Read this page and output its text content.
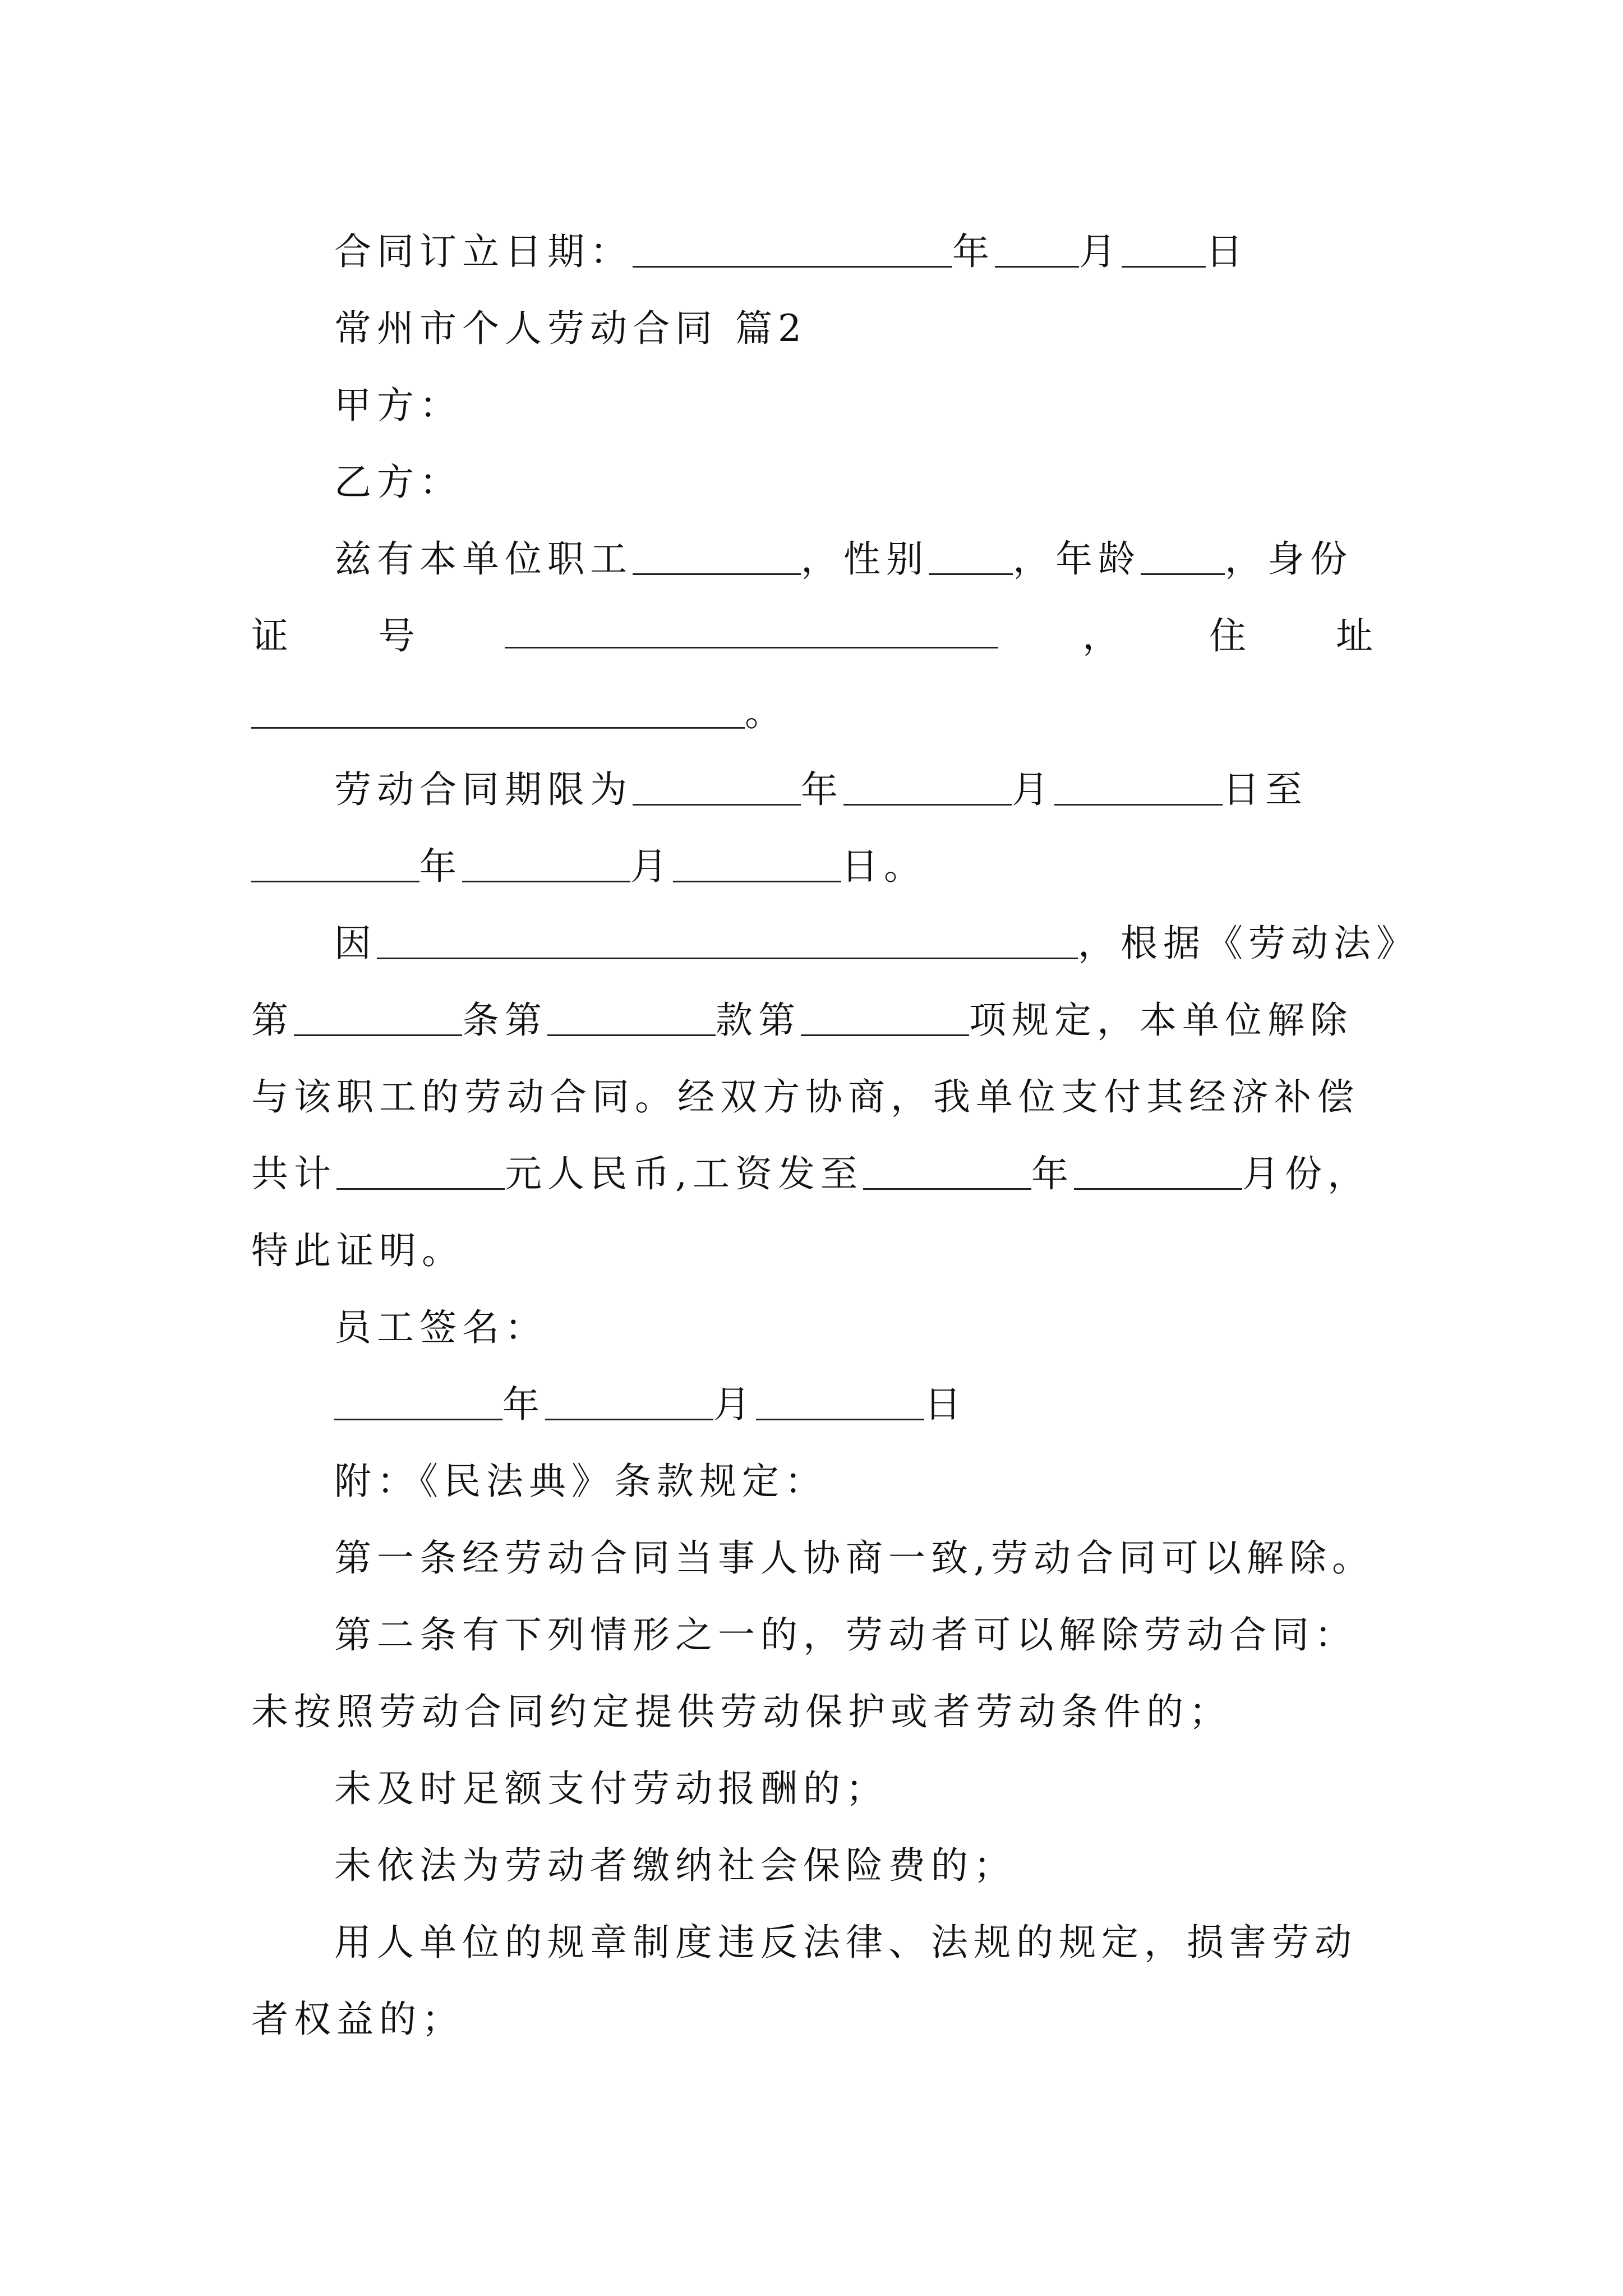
合同订立日期：	年 月 日
常州市个人劳动合同 篇2
甲方：
乙方：
兹有本单位职工	，性别 ，年龄 ，身份
证 号	， 住 址
。
劳动合同期限为	年	月	日至
年	月	日。
因	，根据《劳动法》
第	条第	款第	项规定，本单位解除
与该职工的劳动合同。经双方协商，我单位支付其经济补偿
共计	元人民币,工资发至	年	月份，
特此证明。
员工签名：
年	月	日
附：《民法典》条款规定：
第一条经劳动合同当事人协商一致,劳动合同可以解除。
第二条有下列情形之一的，劳动者可以解除劳动合同：
未按照劳动合同约定提供劳动保护或者劳动条件的；
未及时足额支付劳动报酬的；
未依法为劳动者缴纳社会保险费的；
用人单位的规章制度违反法律、法规的规定，损害劳动
者权益的；
